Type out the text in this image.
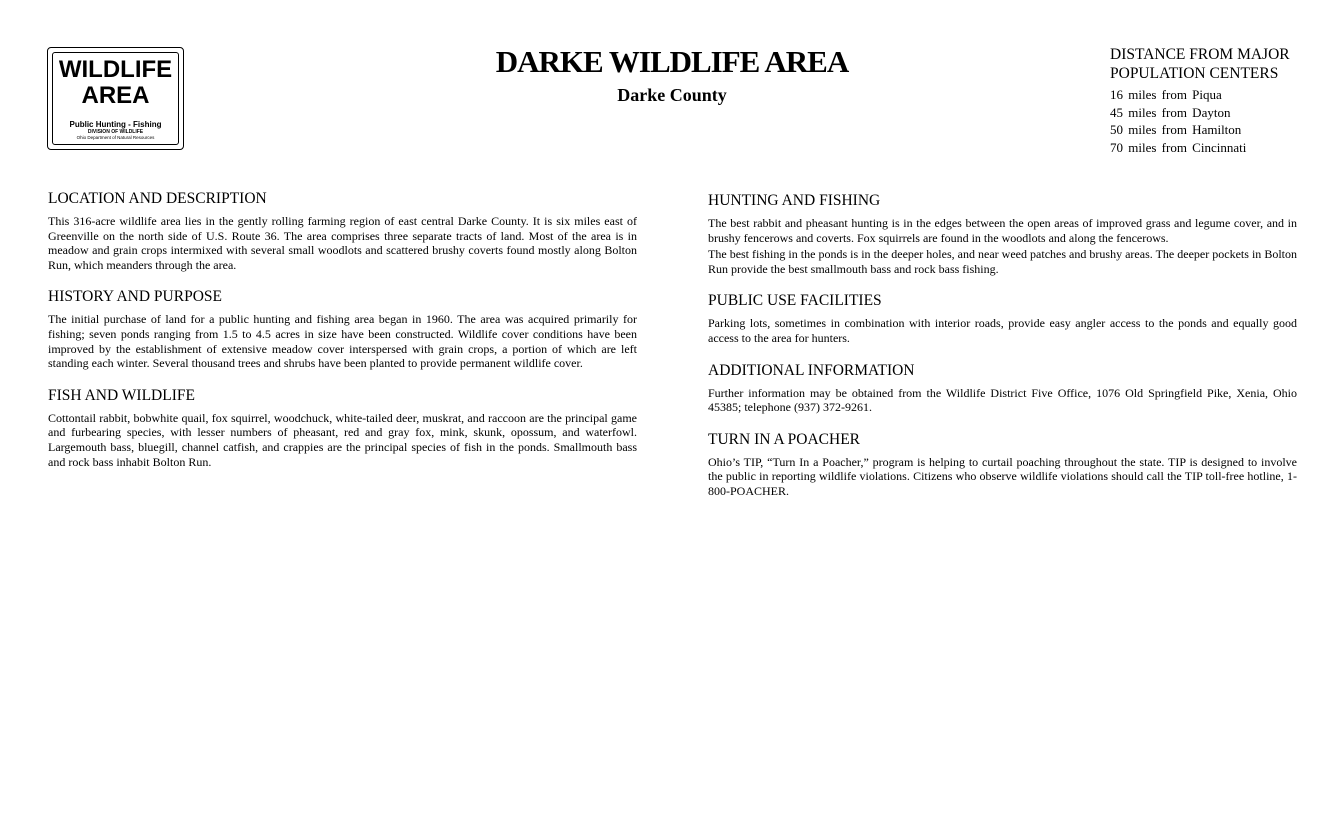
WILDLIFE
AREA
Public Hunting - Fishing
DIVISION OF WILDLIFE
Ohio Department of Natural Resources
DARKE WILDLIFE AREA
Darke County
DISTANCE FROM MAJOR
POPULATION CENTERS
16 miles from Piqua
45 miles from Dayton
50 miles from Hamilton
70 miles from Cincinnati
LOCATION AND DESCRIPTION

This 316-acre wildlife area lies in the gently rolling farming region of east central Darke County. It is six miles east of Greenville on the north side of U.S. Route 36. The area comprises three separate tracts of land. Most of the area is in meadow and grain crops intermixed with several small woodlots and scattered brushy coverts found mostly along Bolton Run, which meanders through the area.

HISTORY AND PURPOSE

The initial purchase of land for a public hunting and fishing area began in 1960. The area was acquired primarily for fishing; seven ponds ranging from 1.5 to 4.5 acres in size have been constructed. Wildlife cover conditions have been improved by the establishment of extensive meadow cover interspersed with grain crops, a portion of which are left standing each winter. Several thousand trees and shrubs have been planted to provide permanent wildlife cover.

FISH AND WILDLIFE

Cottontail rabbit, bobwhite quail, fox squirrel, woodchuck, white-tailed deer, muskrat, and raccoon are the principal game and furbearing species, with lesser numbers of pheasant, red and gray fox, mink, skunk, opossum, and waterfowl. Largemouth bass, bluegill, channel catfish, and crappies are the principal species of fish in the ponds. Smallmouth bass and rock bass inhabit Bolton Run.

HUNTING AND FISHING

The best rabbit and pheasant hunting is in the edges between the open areas of improved grass and legume cover, and in brushy fencerows and coverts. Fox squirrels are found in the woodlots and along the fencerows.

The best fishing in the ponds is in the deeper holes, and near weed patches and brushy areas. The deeper pockets in Bolton Run provide the best smallmouth bass and rock bass fishing.

PUBLIC USE FACILITIES

Parking lots, sometimes in combination with interior roads, provide easy angler access to the ponds and equally good access to the area for hunters.

ADDITIONAL INFORMATION

Further information may be obtained from the Wildlife District Five Office, 1076 Old Springfield Pike, Xenia, Ohio 45385; telephone (937) 372-9261.

TURN IN A POACHER

Ohio’s TIP, “Turn In a Poacher,” program is helping to curtail poaching throughout the state. TIP is designed to involve the public in reporting wildlife violations. Citizens who observe wildlife violations should call the TIP toll-free hotline, 1-800-POACHER.
